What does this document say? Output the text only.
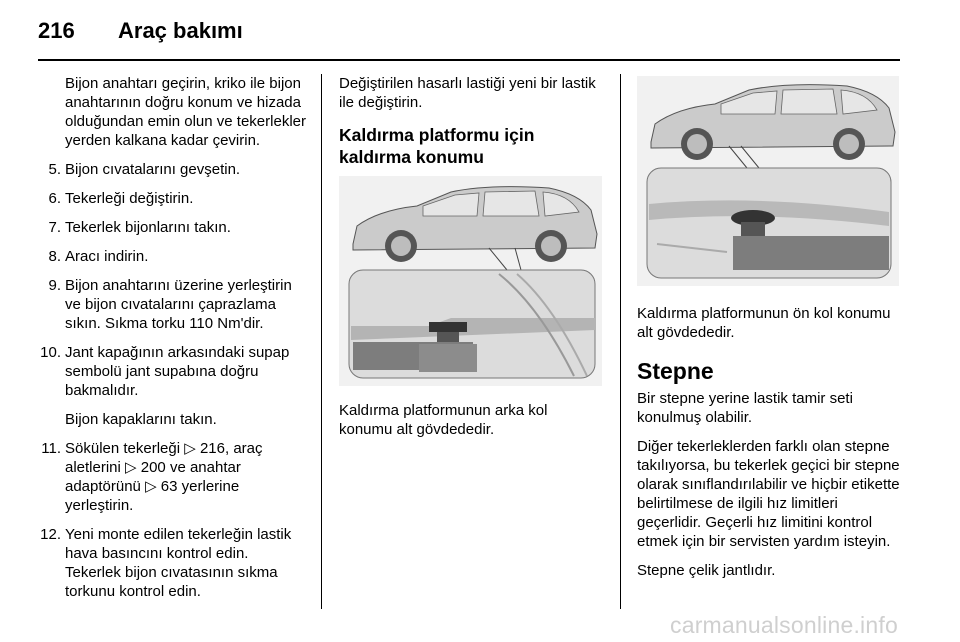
216 Araç bakımı

Bijon anahtarı geçirin, kriko ile bijon anahtarının doğru konum ve hizada olduğundan emin olun ve tekerlekler yerden kalkana kadar çevirin.

5. Bijon cıvatalarını gevşetin.
6. Tekerleği değiştirin.
7. Tekerlek bijonlarını takın.
8. Aracı indirin.
9. Bijon anahtarını üzerine yerleştirin ve bijon cıvatalarını çaprazlama sıkın. Sıkma torku 110 Nm'dir.
10. Jant kapağının arkasındaki supap sembolü jant supabına doğru bakmalıdır.

Bijon kapaklarını takın.

11. Sökülen tekerleği ▷ 216, araç aletlerini ▷ 200 ve anahtar adaptörünü ▷ 63 yerlerine yerleştirin.
12. Yeni monte edilen tekerleğin lastik hava basıncını kontrol edin. Tekerlek bijon cıvatasının sıkma torkunu kontrol edin.

Değiştirilen hasarlı lastiği yeni bir lastik ile değiştirin.

Kaldırma platformu için kaldırma konumu
Kaldırma platformunun arka kol konumu alt gövdededir.
Kaldırma platformunun ön kol konumu alt gövdededir.
Stepne

Bir stepne yerine lastik tamir seti konulmuş olabilir.

Diğer tekerleklerden farklı olan stepne takılıyorsa, bu tekerlek geçici bir stepne olarak sınıflandırılabilir ve hiçbir etikette belirtilmese de ilgili hız limitleri geçerlidir. Geçerli hız limitini kontrol etmek için bir servisten yardım isteyin.

Stepne çelik jantlıdır.

carmanualsonline.info
